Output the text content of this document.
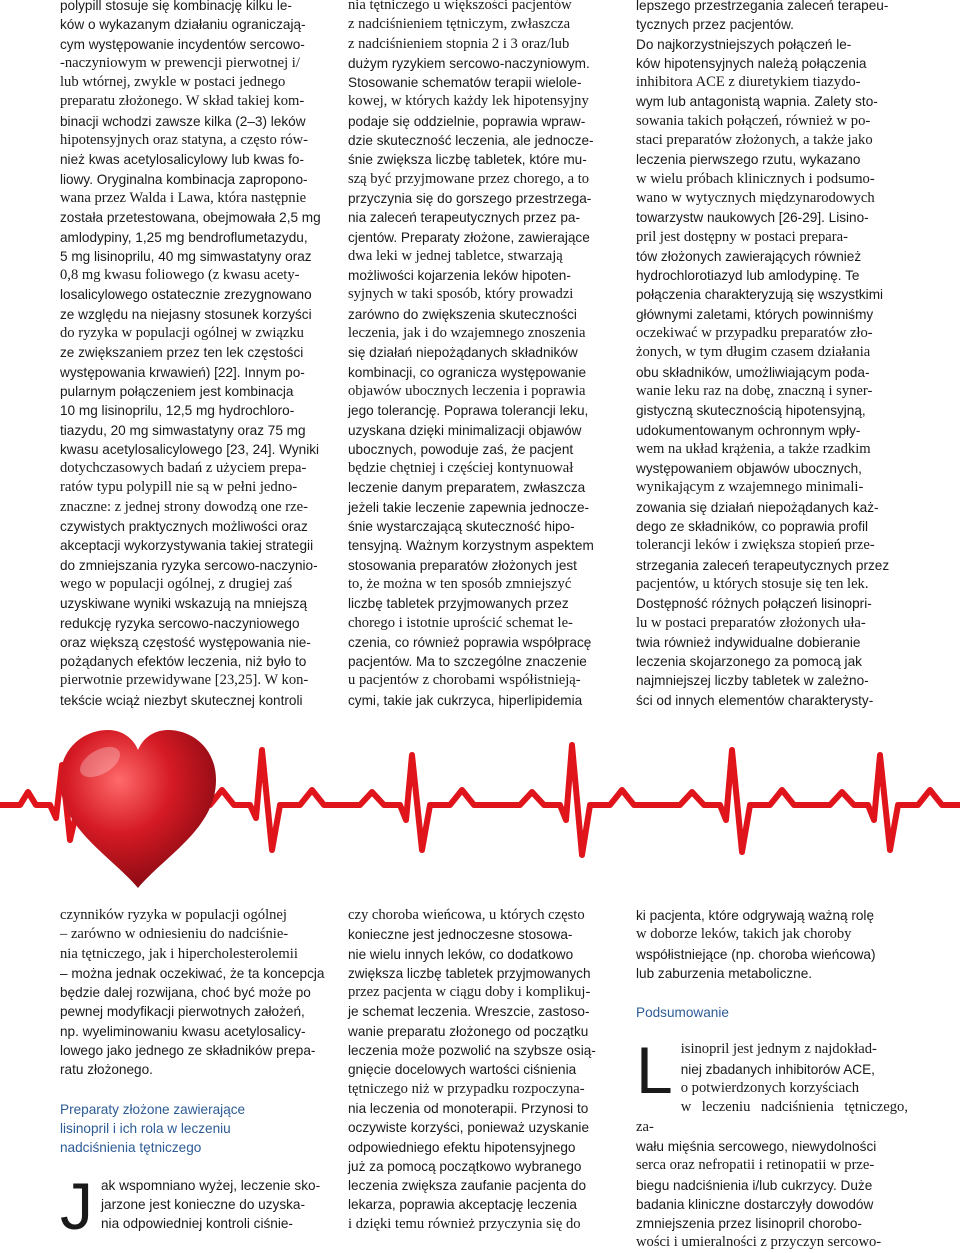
polypill stosuje się kombinację kilku le-

ków o wykazanym działaniu ograniczają-

cym występowanie incydentów sercowo-

-naczyniowym w prewencji pierwotnej i/

lub wtórnej, zwykle w postaci jednego

preparatu złożonego. W skład takiej kom-

binacji wchodzi zawsze kilka (2–3) leków

hipotensyjnych oraz statyna, a często rów-

nież kwas acetylosalicylowy lub kwas fo-

liowy. Oryginalna kombinacja zapropono-

wana przez Walda i Lawa, która następnie

została przetestowana, obejmowała 2,5 mg

amlodypiny, 1,25 mg bendroflumetazydu,

5 mg lisinoprilu, 40 mg simwastatyny oraz

0,8 mg kwasu foliowego (z kwasu acety-

losalicylowego ostatecznie zrezygnowano

ze względu na niejasny stosunek korzyści

do ryzyka w populacji ogólnej w związku

ze zwiększaniem przez ten lek częstości

występowania krwawień) [22]. Innym po-

pularnym połączeniem jest kombinacja

10 mg lisinoprilu, 12,5 mg hydrochloro-

tiazydu, 20 mg simwastatyny oraz 75 mg

kwasu acetylosalicylowego [23, 24]. Wyniki

dotychczasowych badań z użyciem prepa-

ratów typu polypill nie są w pełni jedno-

znaczne: z jednej strony dowodzą one rze-

czywistych praktycznych możliwości oraz

akceptacji wykorzystywania takiej strategii

do zmniejszania ryzyka sercowo-naczynio-

wego w populacji ogólnej, z drugiej zaś

uzyskiwane wyniki wskazują na mniejszą

redukcję ryzyka sercowo-naczyniowego

oraz większą częstość występowania nie-

pożądanych efektów leczenia, niż było to

pierwotnie przewidywane [23,25]. W kon-

tekście wciąż niezbyt skutecznej kontroli

nia tętniczego u większości pacjentów

z nadciśnieniem tętniczym, zwłaszcza

z nadciśnieniem stopnia 2 i 3 oraz/lub

dużym ryzykiem sercowo-naczyniowym.

Stosowanie schematów terapii wielole-

kowej, w których każdy lek hipotensyjny

podaje się oddzielnie, poprawia wpraw-

dzie skuteczność leczenia, ale jednocze-

śnie zwiększa liczbę tabletek, które mu-

szą być przyjmowane przez chorego, a to

przyczynia się do gorszego przestrzega-

nia zaleceń terapeutycznych przez pa-

cjentów. Preparaty złożone, zawierające

dwa leki w jednej tabletce, stwarzają

możliwości kojarzenia leków hipoten-

syjnych w taki sposób, który prowadzi

zarówno do zwiększenia skuteczności

leczenia, jak i do wzajemnego znoszenia

się działań niepożądanych składników

kombinacji, co ogranicza występowanie

objawów ubocznych leczenia i poprawia

jego tolerancję. Poprawa tolerancji leku,

uzyskana dzięki minimalizacji objawów

ubocznych, powoduje zaś, że pacjent

będzie chętniej i częściej kontynuował

leczenie danym preparatem, zwłaszcza

jeżeli takie leczenie zapewnia jednocze-

śnie wystarczającą skuteczność hipo-

tensyjną. Ważnym korzystnym aspektem

stosowania preparatów złożonych jest

to, że można w ten sposób zmniejszyć

liczbę tabletek przyjmowanych przez

chorego i istotnie uprościć schemat le-

czenia, co również poprawia współpracę

pacjentów. Ma to szczególne znaczenie

u pacjentów z chorobami współistnieją-

cymi, takie jak cukrzyca, hiperlipidemia

lepszego przestrzegania zaleceń terapeu-

tycznych przez pacjentów.

Do najkorzystniejszych połączeń le-

ków hipotensyjnych należą połączenia

inhibitora ACE z diuretykiem tiazydo-

wym lub antagonistą wapnia. Zalety sto-

sowania takich połączeń, również w po-

staci preparatów złożonych, a także jako

leczenia pierwszego rzutu, wykazano

w wielu próbach klinicznych i podsumo-

wano w wytycznych międzynarodowych

towarzystw naukowych [26-29]. Lisino-

pril jest dostępny w postaci prepara-

tów złożonych zawierających również

hydrochlorotiazyd lub amlodypinę. Te

połączenia charakteryzują się wszystkimi

głównymi zaletami, których powinniśmy

oczekiwać w przypadku preparatów zło-

żonych, w tym długim czasem działania

obu składników, umożliwiającym poda-

wanie leku raz na dobę, znaczną i syner-

gistyczną skutecznością hipotensyjną,

udokumentowanym ochronnym wpły-

wem na układ krążenia, a także rzadkim

występowaniem objawów ubocznych,

wynikającym z wzajemnego minimali-

zowania się działań niepożądanych każ-

dego ze składników, co poprawia profil

tolerancji leków i zwiększa stopień prze-

strzegania zaleceń terapeutycznych przez

pacjentów, u których stosuje się ten lek.

Dostępność różnych połączeń lisinopri-

lu w postaci preparatów złożonych uła-

twia również indywidualne dobieranie

leczenia skojarzonego za pomocą jak

najmniejszej liczby tabletek w zależno-

ści od innych elementów charakterysty-

czynników ryzyka w populacji ogólnej

– zarówno w odniesieniu do nadciśnie-

nia tętniczego, jak i hipercholesterolemii

– można jednak oczekiwać, że ta koncepcja

będzie dalej rozwijana, choć być może po

pewnej modyfikacji pierwotnych założeń,

np. wyeliminowaniu kwasu acetylosalicy-

lowego jako jednego ze składników prepa-

ratu złożonego.

Preparaty złożone zawierające
lisinopril i ich rola w leczeniu
nadciśnienia tętniczego
J ak wspomniano wyżej, leczenie sko-

jarzone jest konieczne do uzyska-

nia odpowiedniej kontroli ciśnie-

czy choroba wieńcowa, u których często

konieczne jest jednoczesne stosowa-

nie wielu innych leków, co dodatkowo

zwiększa liczbę tabletek przyjmowanych

przez pacjenta w ciągu doby i komplikuj-

je schemat leczenia. Wreszcie, zastoso-

wanie preparatu złożonego od początku

leczenia może pozwolić na szybsze osią-

gnięcie docelowych wartości ciśnienia

tętniczego niż w przypadku rozpoczyna-

nia leczenia od monoterapii. Przynosi to

oczywiste korzyści, ponieważ uzyskanie

odpowiedniego efektu hipotensyjnego

już za pomocą początkowo wybranego

leczenia zwiększa zaufanie pacjenta do

lekarza, poprawia akceptację leczenia

i dzięki temu również przyczynia się do

ki pacjenta, które odgrywają ważną rolę

w doborze leków, takich jak choroby

współistniejące (np. choroba wieńcowa)

lub zaburzenia metaboliczne.

Podsumowanie
L isinopril jest jednym z najdokład-

niej zbadanych inhibitorów ACE,

o potwierdzonych korzyściach

w leczeniu nadciśnienia tętniczego, za-

wału mięśnia sercowego, niewydolności

serca oraz nefropatii i retinopatii w prze-

biegu nadciśnienia i/lub cukrzycy. Duże

badania kliniczne dostarczyły dowodów

zmniejszenia przez lisinopril chorobo-

wości i umieralności z przyczyn sercowo-
